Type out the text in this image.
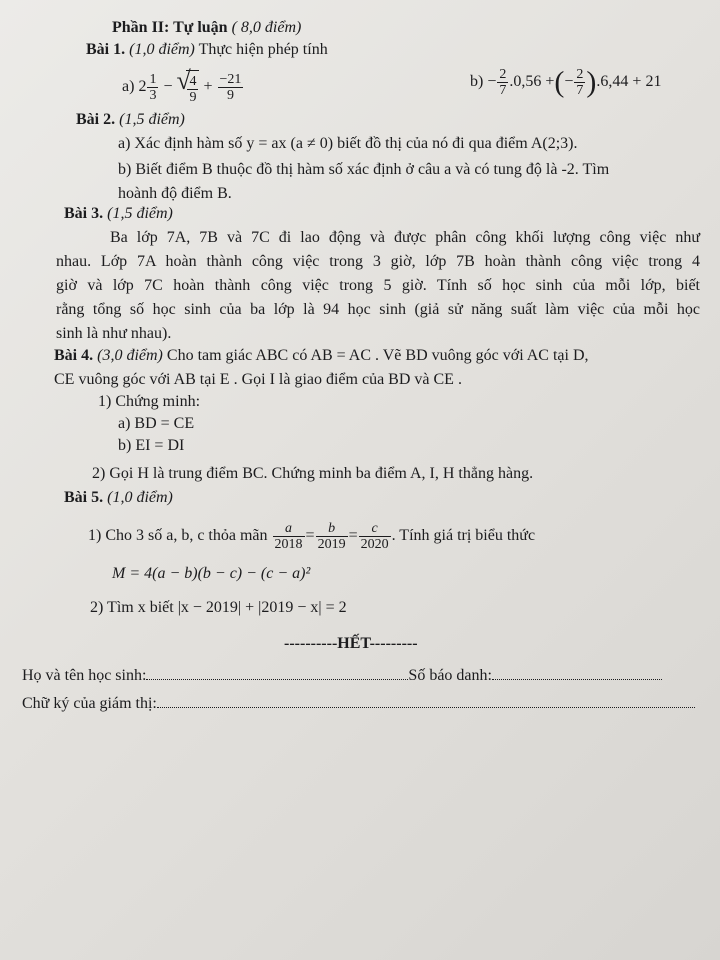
Phần II: Tự luận ( 8,0 điểm)
Bài 1. (1,0 điểm) Thực hiện phép tính
a) $2 \frac{1}{3}$ − √
$\frac{4}{9} + \frac{-21}{9}$	$b) - \frac{2}{7} .0,56$ +(− $\frac{2}{7} ).6,44 + 21$
Bài 2. (1,5 điểm)
a) Xác định hàm số y = ax (a ≠ 0) biết đồ thị của nó đi qua điểm A(2;3).
b) Biết điểm B thuộc đồ thị hàm số xác định ở câu a và có tung độ là -2. Tìm
hoành độ điểm B.
Bài 3. (1,5 điểm)
Ba lớp 7A, 7B và 7C đi lao động và được phân công khối lượng công việc như
nhau. Lớp 7A hoàn thành công việc trong 3 giờ, lớp 7B hoàn thành công việc trong 4
giờ và lớp 7C hoàn thành công việc trong 5 giờ. Tính số học sinh của mỗi lớp, biết
rằng tổng số học sinh của ba lớp là 94 học sinh (giả sử năng suất làm việc của mỗi học
sinh là như nhau).
Bài 4. (3,0 điểm) Cho tam giác ABC có AB = AC . Vẽ BD vuông góc với AC tại D,
CE vuông góc với AB tại E . Gọi I là giao điểm của BD và CE .
1) Chứng minh:
a) BD = CE
b) EI = DI
2) Gọi H là trung điểm BC. Chứng minh ba điểm A, I, H thẳng hàng.
Bài 5. (1,0 điểm)
1) Cho 3 số a, b, c thỏa mãn $\frac{a}{2018} = \frac{b}{2019} = \frac{c}{2020}$ . Tính giá trị biểu thức
M = 4(a − b)(b − c) − (c − a)²
2) Tìm x biết |x − 2019| + |2019 − x| = 2
----------HẾT---------
Họ và tên học sinh:	Số báo danh:
Chữ ký của giám thị:
